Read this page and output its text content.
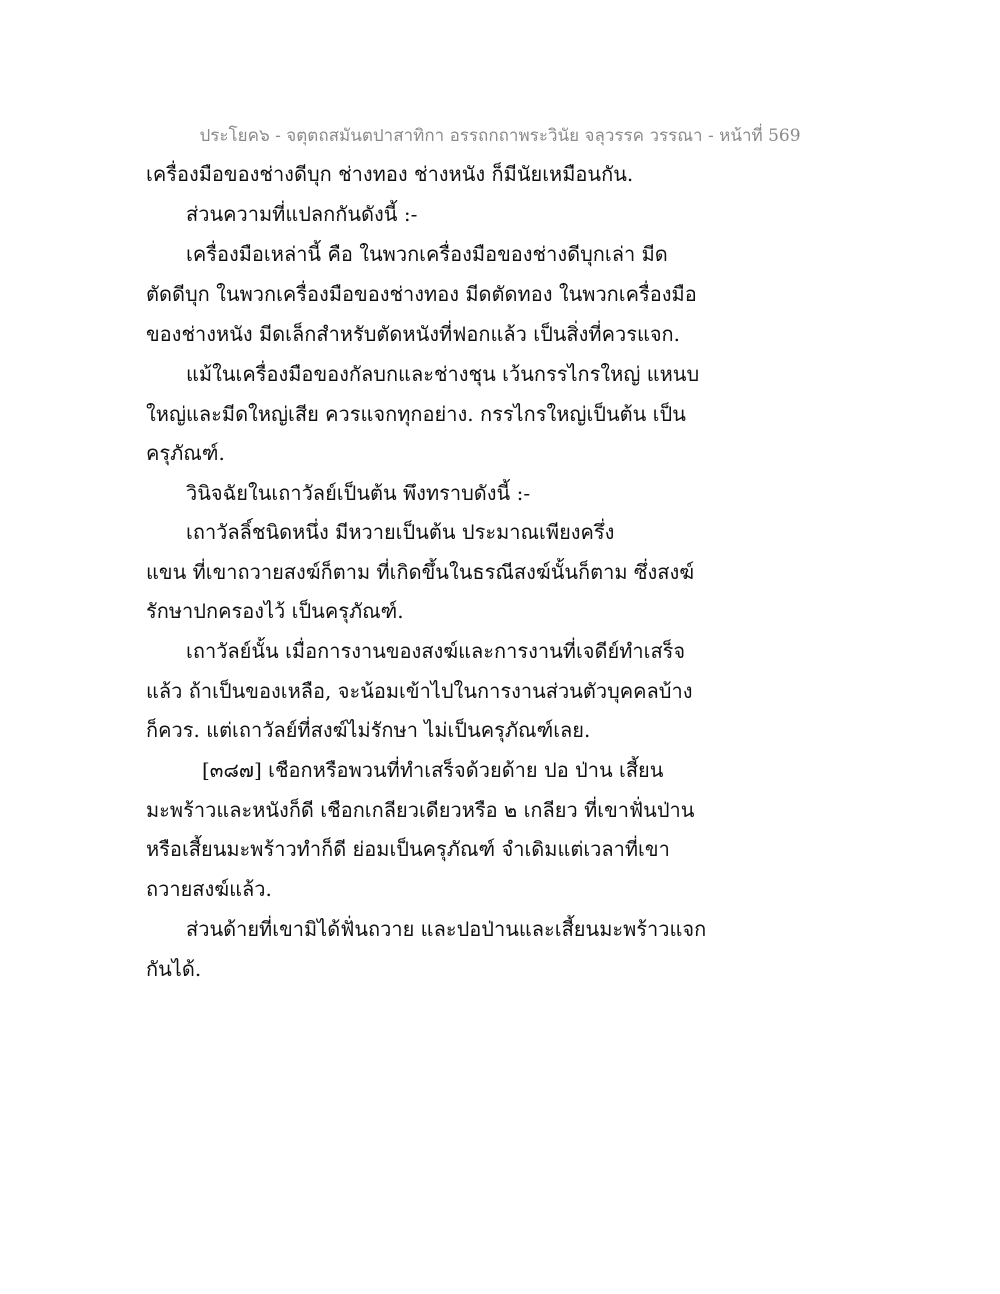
ประโยค๖ - จตุตถสมันตปาสาทิกา อรรถกถาพระวินัย จลุวรรค วรรณา - หน้าที่ 569
เครื่องมือของช่างดีบุก ช่างทอง ช่างหนัง ก็มีนัยเหมือนกัน.
ส่วนความที่แปลกกันดังนี้ :-
เครื่องมือเหล่านี้ คือ ในพวกเครื่องมือของช่างดีบุกเล่า มีด
ตัดดีบุก ในพวกเครื่องมือของช่างทอง มีดตัดทอง ในพวกเครื่องมือ
ของช่างหนัง มีดเล็กสำหรับตัดหนังที่ฟอกแล้ว เป็นสิ่งที่ควรแจก.
แม้ในเครื่องมือของกัลบกและช่างชุน เว้นกรรไกรใหญ่ แหนบ
ใหญ่และมีดใหญ่เสีย ควรแจกทุกอย่าง. กรรไกรใหญ่เป็นต้น เป็น
ครุภัณฑ์.
วินิจฉัยในเถาวัลย์เป็นต้น พึงทราบดังนี้ :-
เถาวัลลิ์ชนิดหนึ่ง มีหวายเป็นต้น ประมาณเพียงครึ่ง
แขน ที่เขาถวายสงฆ์ก็ตาม ที่เกิดขึ้นในธรณีสงฆ์นั้นก็ตาม ซึ่งสงฆ์
รักษาปกครองไว้ เป็นครุภัณฑ์.
เถาวัลย์นั้น เมื่อการงานของสงฆ์และการงานที่เจดีย์ทำเสร็จ
แล้ว ถ้าเป็นของเหลือ, จะน้อมเข้าไปในการงานส่วนตัวบุคคลบ้าง
ก็ควร. แต่เถาวัลย์ที่สงฆ์ไม่รักษา ไม่เป็นครุภัณฑ์เลย.
[๓๘๗] เชือกหรือพวนที่ทำเสร็จด้วยด้าย ปอ ป่าน เสี้ยน
มะพร้าวและหนังก็ดี เชือกเกลียวเดียวหรือ ๒ เกลียว ที่เขาฟั่นป่าน
หรือเสี้ยนมะพร้าวทำก็ดี ย่อมเป็นครุภัณฑ์ จำเดิมแต่เวลาที่เขา
ถวายสงฆ์แล้ว.
ส่วนด้ายที่เขามิได้ฟั่นถวาย และปอป่านและเสี้ยนมะพร้าวแจก
กันได้.
